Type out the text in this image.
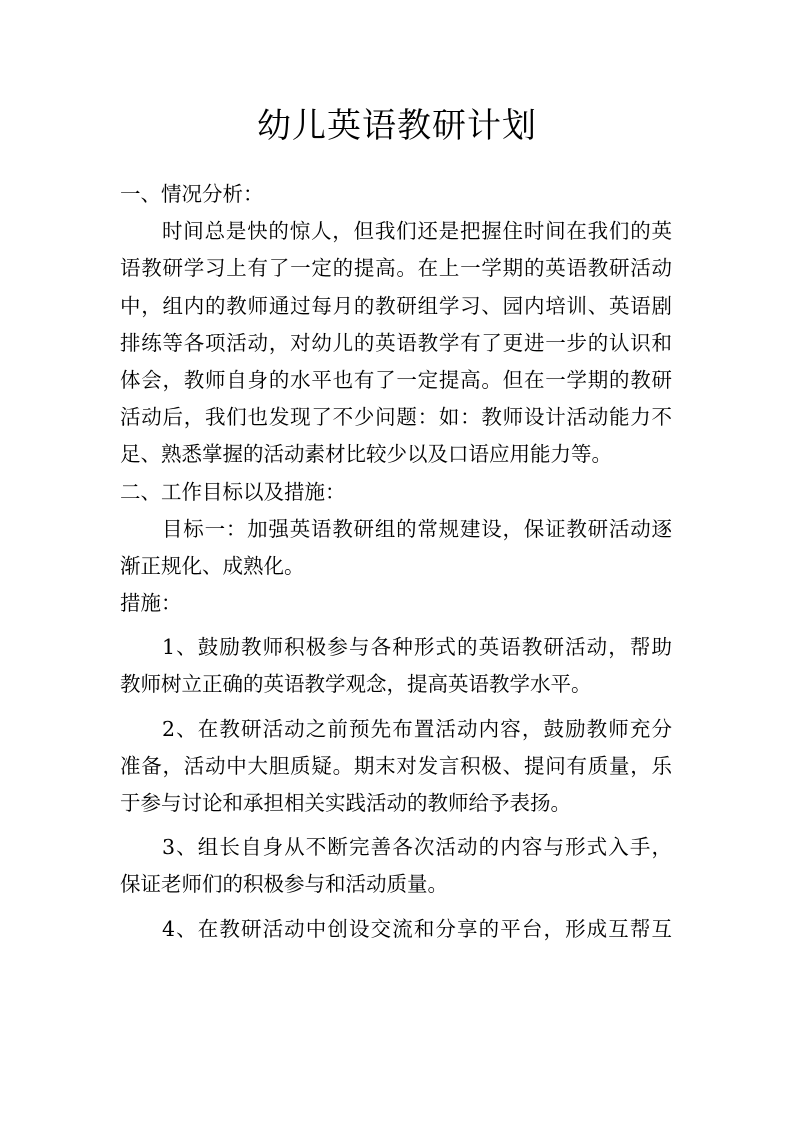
幼儿英语教研计划
一、情况分析：
时间总是快的惊人，但我们还是把握住时间在我们的英
语教研学习上有了一定的提高。在上一学期的英语教研活动
中，组内的教师通过每月的教研组学习、园内培训、英语剧
排练等各项活动，对幼儿的英语教学有了更进一步的认识和
体会，教师自身的水平也有了一定提高。但在一学期的教研
活动后，我们也发现了不少问题：如：教师设计活动能力不
足、熟悉掌握的活动素材比较少以及口语应用能力等。
二、工作目标以及措施：
目标一：加强英语教研组的常规建设，保证教研活动逐
渐正规化、成熟化。
措施：
1、鼓励教师积极参与各种形式的英语教研活动，帮助
教师树立正确的英语教学观念，提高英语教学水平。
2、在教研活动之前预先布置活动内容，鼓励教师充分
准备，活动中大胆质疑。期末对发言积极、提问有质量，乐
于参与讨论和承担相关实践活动的教师给予表扬。
3、组长自身从不断完善各次活动的内容与形式入手，
保证老师们的积极参与和活动质量。
4、在教研活动中创设交流和分享的平台，形成互帮互
